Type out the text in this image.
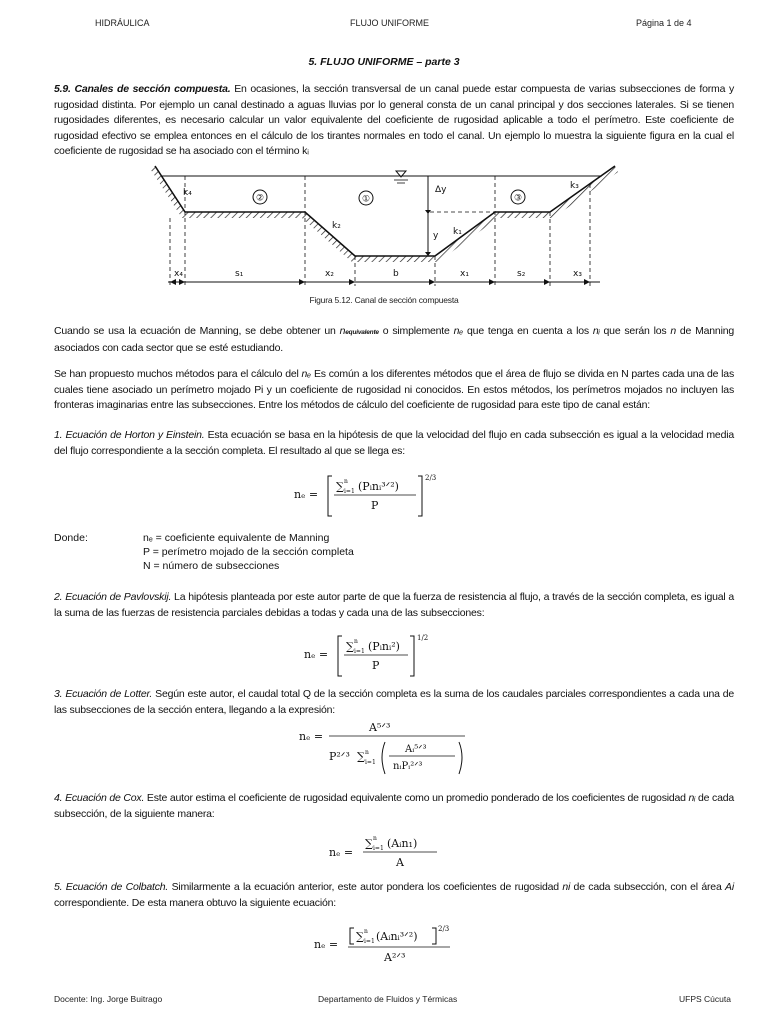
HIDRÁULICA	FLUJO UNIFORME	Página 1 de 4
5. FLUJO UNIFORME – parte 3
5.9. Canales de sección compuesta. En ocasiones, la sección transversal de un canal puede estar compuesta de varias subsecciones de forma y rugosidad distinta. Por ejemplo un canal destinado a aguas lluvias por lo general consta de un canal principal y dos secciones laterales. Si se tienen rugosidades diferentes, es necesario calcular un valor equivalente del coeficiente de rugosidad aplicable a todo el perímetro. Este coeficiente de rugosidad efectivo se emplea entonces en el cálculo de los tirantes normales en todo el canal. Un ejemplo lo muestra la siguiente figura en la cual el coeficiente de rugosidad se ha asociado con el término kᵢ
k₄
k₂
k₁
k₃
Δy
y
x₄	s₁	x₂	b	x₁	s₂	x₃
②	①	③
Figura 5.12. Canal de sección compuesta
Cuando se usa la ecuación de Manning, se debe obtener un nequivalente o simplemente nₑ que tenga en cuenta a los nᵢ que serán los n de Manning asociados con cada sector que se esté estudiando.
Se han propuesto muchos métodos para el cálculo del nₑ Es común a los diferentes métodos que el área de flujo se divida en N partes cada una de las cuales tiene asociado un perímetro mojado Pi y un coeficiente de rugosidad ni conocidos. En estos métodos, los perímetros mojados no incluyen las fronteras imaginarias entre las subsecciones. Entre los métodos de cálculo del coeficiente de rugosidad para este tipo de canal están:
1. Ecuación de Horton y Einstein. Esta ecuación se basa en la hipótesis de que la velocidad del flujo en cada subsección es igual a la velocidad media del flujo correspondiente a la sección completa. El resultado al que se llega es:
nₑ =
∑ n
i=1 (Pᵢnᵢ³ᐟ²)
P
2/3
Donde:	nₑ = coeficiente equivalente de Manning
P = perímetro mojado de la sección completa
N = número de subsecciones
2. Ecuación de Pavlovskij. La hipótesis planteada por este autor parte de que la fuerza de resistencia al flujo, a través de la sección completa, es igual a la suma de las fuerzas de resistencia parciales debidas a todas y cada una de las subsecciones:
nₑ =
∑ n
i=1 (Pᵢnᵢ²)
P
1/2
3. Ecuación de Lotter. Según este autor, el caudal total Q de la sección completa es la suma de los caudales parciales correspondientes a cada una de las subsecciones de la sección entera, llegando a la expresión:
nₑ =
A⁵ᐟ³
P²ᐟ³ ∑ n
i=1
Aᵢ⁵ᐟ³
nᵢPᵢ²ᐟ³
4. Ecuación de Cox. Este autor estima el coeficiente de rugosidad equivalente como un promedio ponderado de los coeficientes de rugosidad nᵢ de cada subsección, de la siguiente manera:
nₑ =
∑ n
i=1 (Aᵢn₁)
A
5. Ecuación de Colbatch. Similarmente a la ecuación anterior, este autor pondera los coeficientes de rugosidad ni de cada subsección, con el área Ai correspondiente. De esta manera obtuvo la siguiente ecuación:
nₑ =
∑ n
i=1 (Aᵢnᵢ³ᐟ²)
2/3
A²ᐟ³
Docente: Ing. Jorge Buitrago	Departamento de Fluidos y Térmicas	UFPS Cúcuta
